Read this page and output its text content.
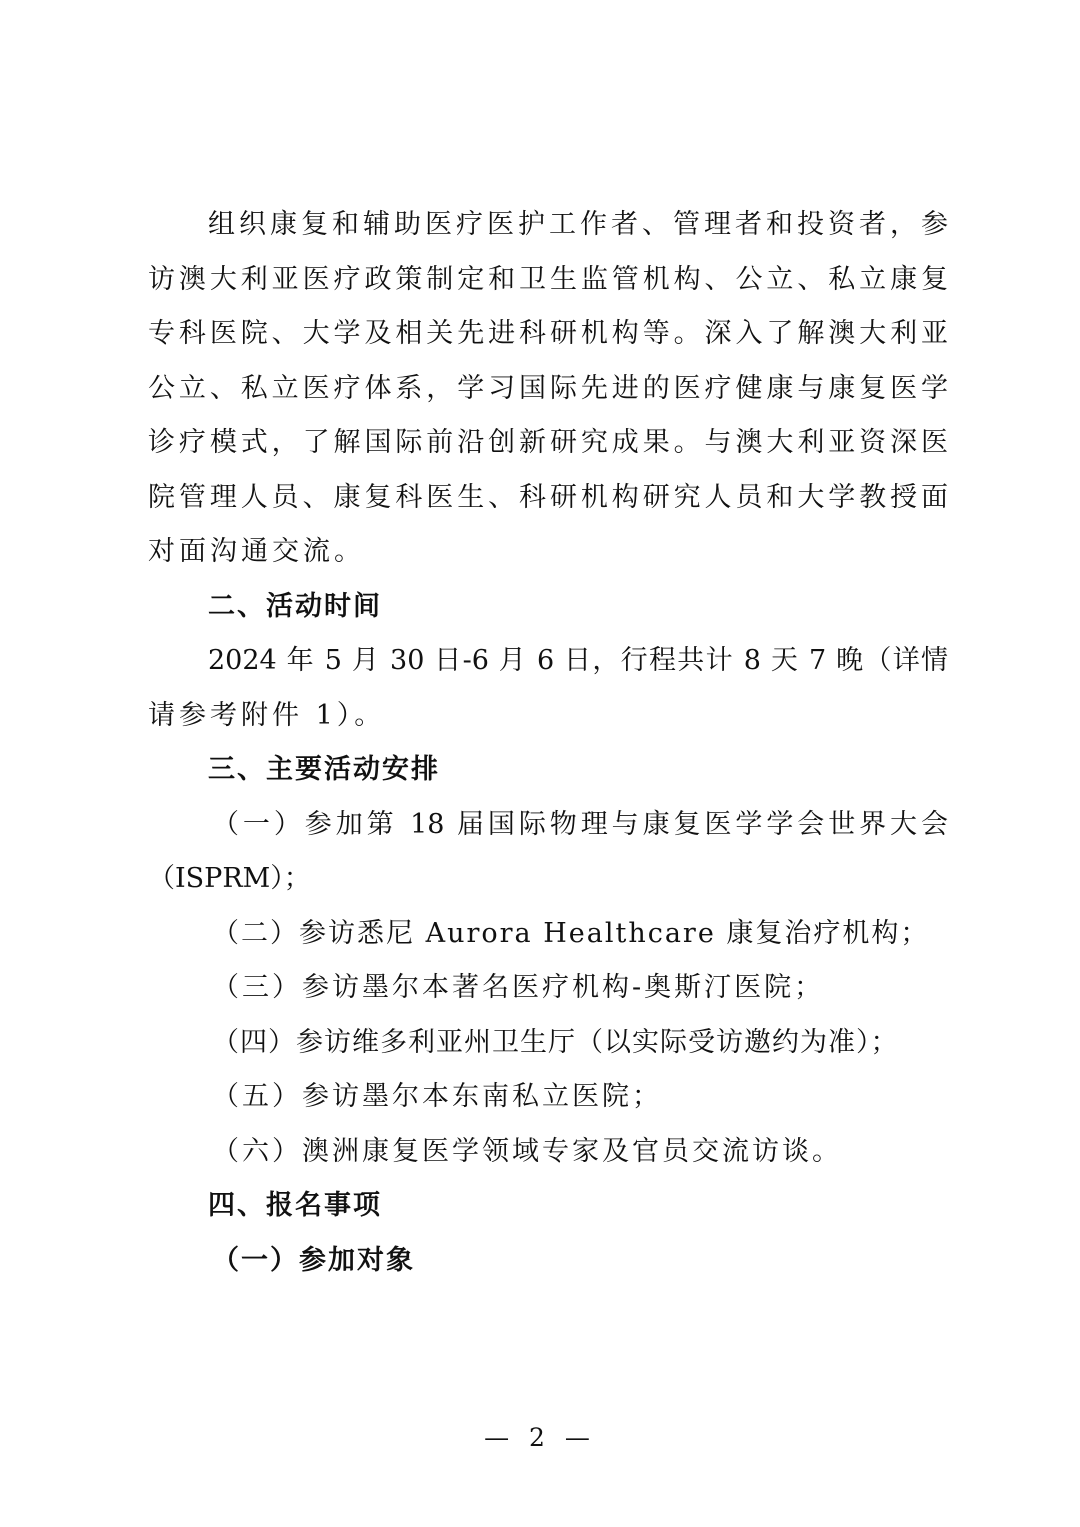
组织康复和辅助医疗医护工作者、管理者和投资者，参
访澳大利亚医疗政策制定和卫生监管机构、公立、私立康复
专科医院、大学及相关先进科研机构等。深入了解澳大利亚
公立、私立医疗体系，学习国际先进的医疗健康与康复医学
诊疗模式，了解国际前沿创新研究成果。与澳大利亚资深医
院管理人员、康复科医生、科研机构研究人员和大学教授面
对面沟通交流。
二、活动时间
2024 年 5 月 30 日-6 月 6 日，行程共计 8 天 7 晚（详情
请参考附件 1）。
三、主要活动安排
（一）参加第 18 届国际物理与康复医学学会世界大会
（ISPRM）；
（二）参访悉尼 Aurora Healthcare 康复治疗机构；
（三）参访墨尔本著名医疗机构-奥斯汀医院；
（四）参访维多利亚州卫生厅（以实际受访邀约为准）；
（五）参访墨尔本东南私立医院；
（六）澳洲康复医学领域专家及官员交流访谈。
四、报名事项
（一）参加对象
— 2 —
